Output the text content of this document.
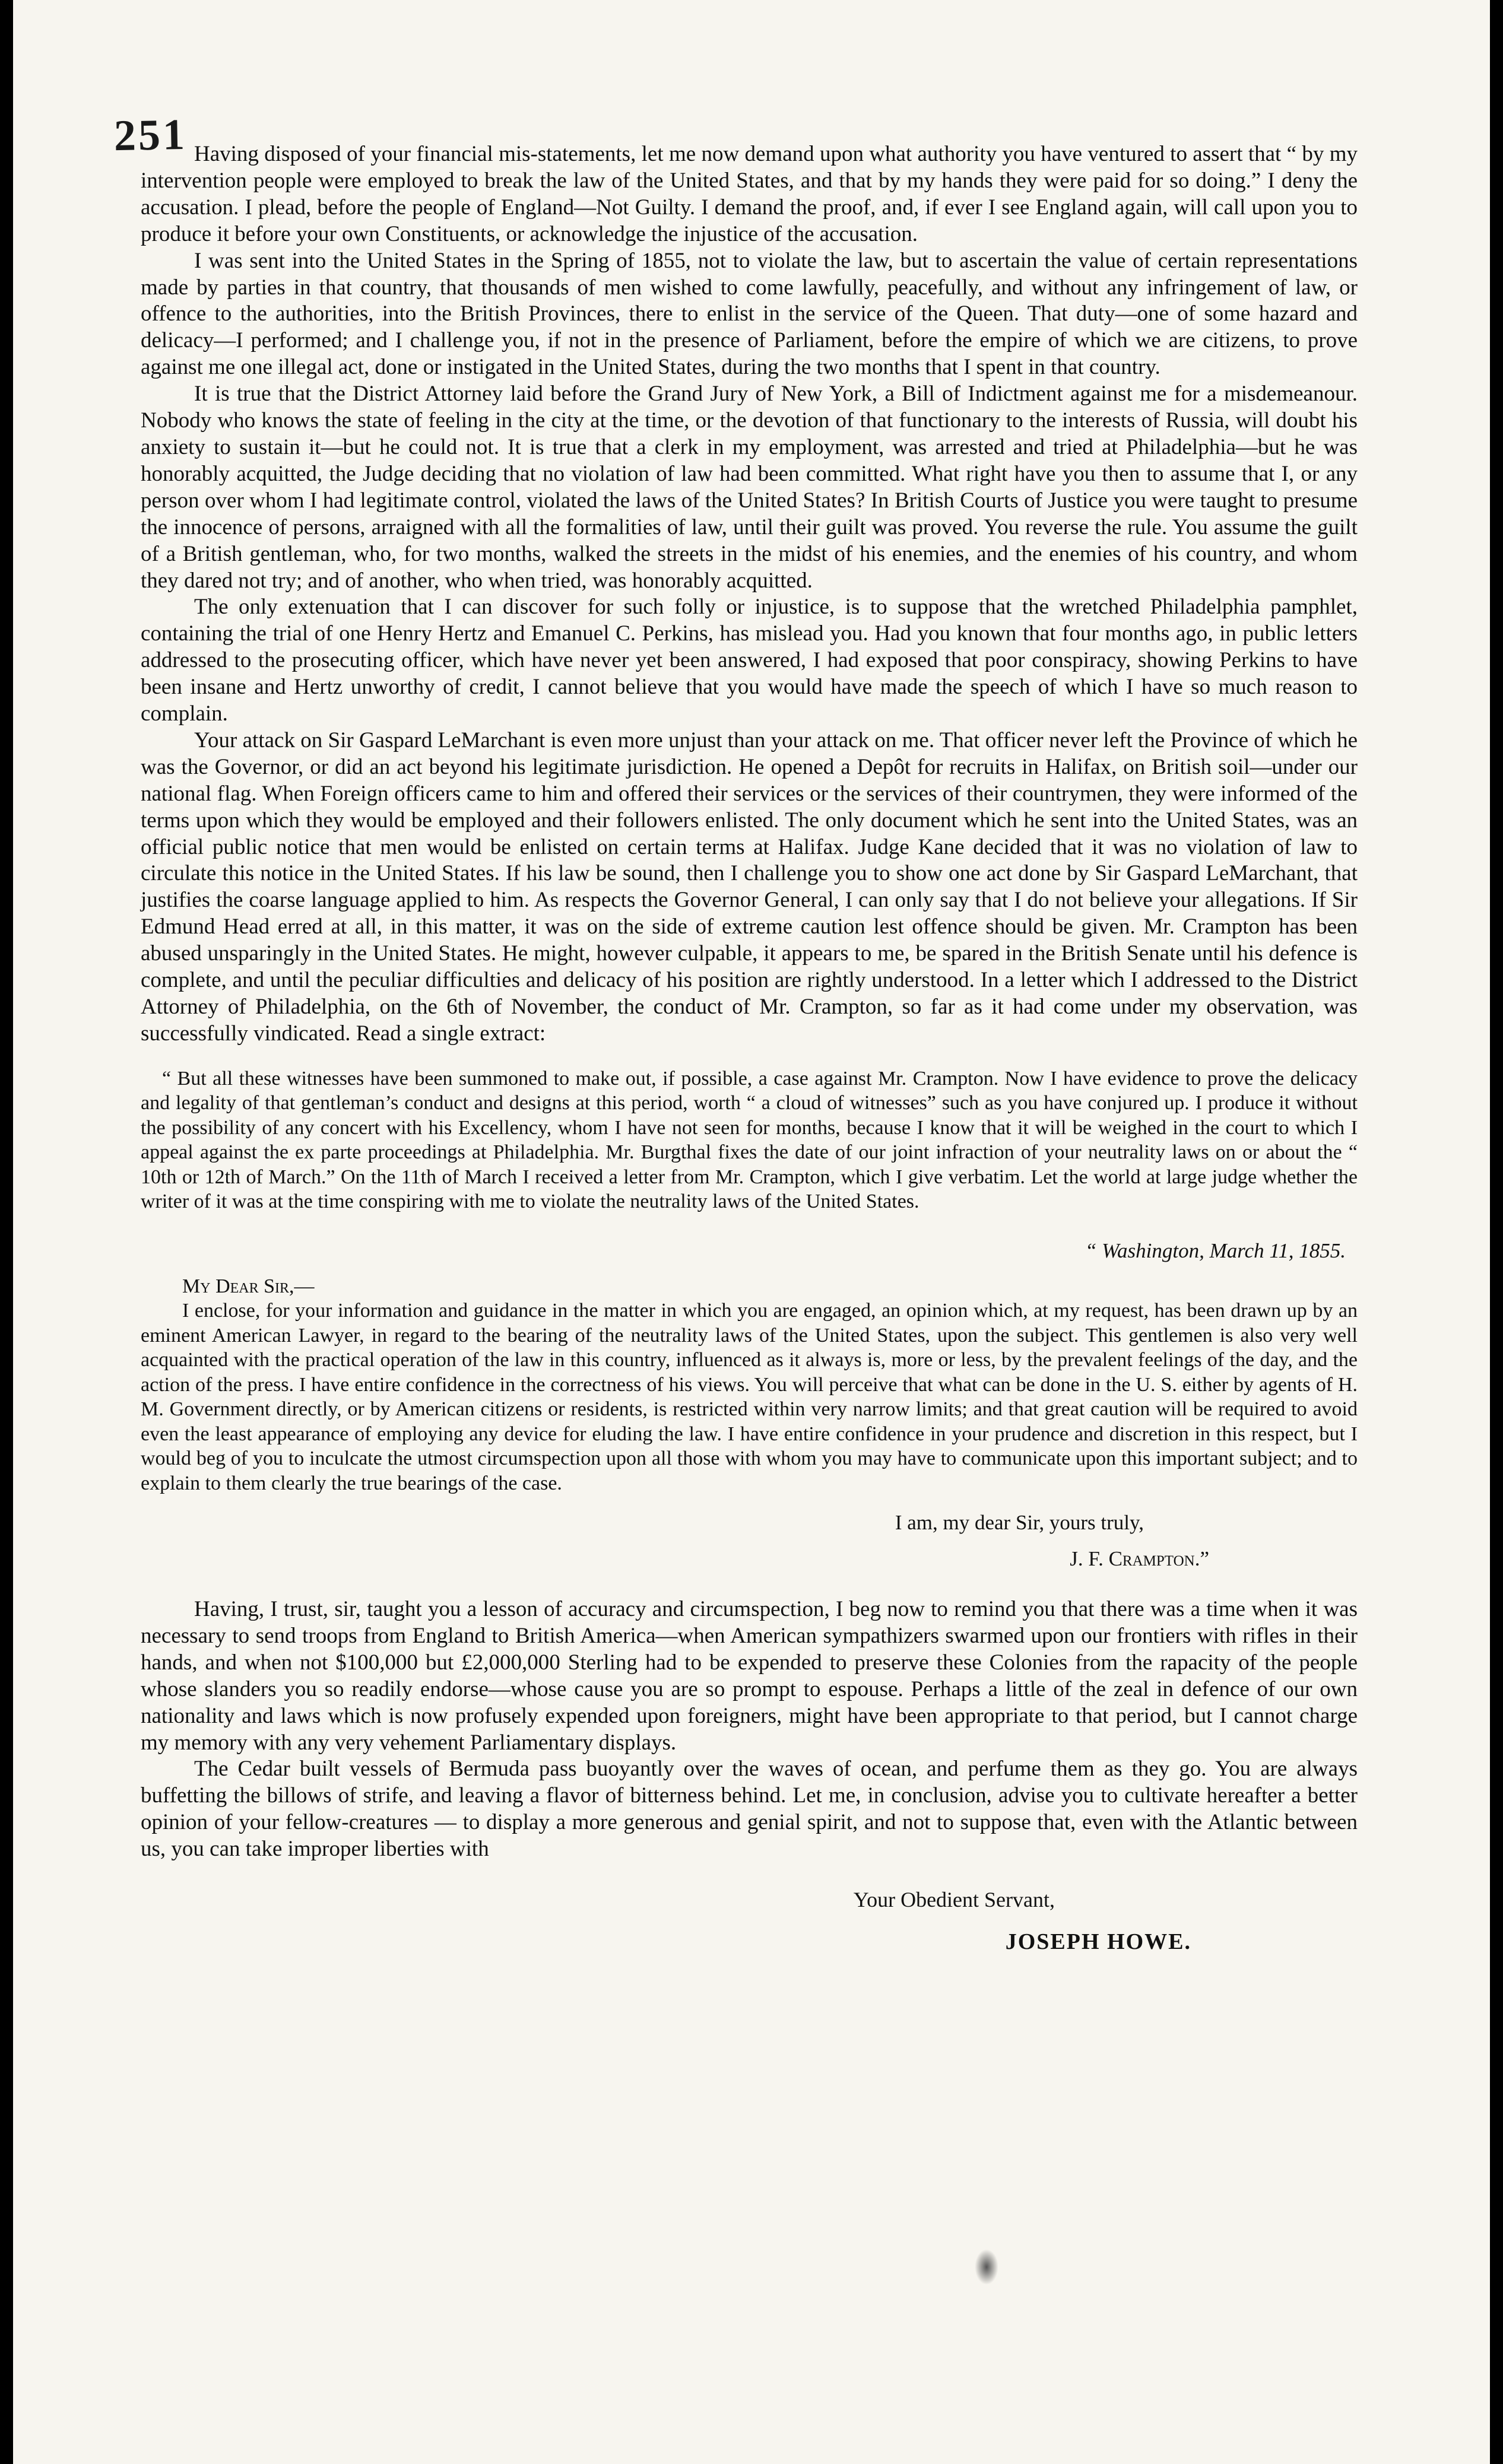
251 Having disposed of your financial mis-statements, let me now demand upon what authority you have ventured to assert that “ by my intervention people were employed to break the law of the United States, and that by my hands they were paid for so doing.” I deny the accusation. I plead, before the people of England—Not Guilty. I demand the proof, and, if ever I see England again, will call upon you to produce it before your own Constituents, or acknowledge the injustice of the accusation.

I was sent into the United States in the Spring of 1855, not to violate the law, but to ascertain the value of certain representations made by parties in that country, that thousands of men wished to come lawfully, peacefully, and without any infringement of law, or offence to the authorities, into the British Provinces, there to enlist in the service of the Queen. That duty—one of some hazard and delicacy—I performed; and I challenge you, if not in the presence of Parliament, before the empire of which we are citizens, to prove against me one illegal act, done or instigated in the United States, during the two months that I spent in that country.

It is true that the District Attorney laid before the Grand Jury of New York, a Bill of Indictment against me for a misdemeanour. Nobody who knows the state of feeling in the city at the time, or the devotion of that functionary to the interests of Russia, will doubt his anxiety to sustain it—but he could not. It is true that a clerk in my employment, was arrested and tried at Philadelphia—but he was honorably acquitted, the Judge deciding that no violation of law had been committed. What right have you then to assume that I, or any person over whom I had legitimate control, violated the laws of the United States? In British Courts of Justice you were taught to presume the innocence of persons, arraigned with all the formalities of law, until their guilt was proved. You reverse the rule. You assume the guilt of a British gentleman, who, for two months, walked the streets in the midst of his enemies, and the enemies of his country, and whom they dared not try; and of another, who when tried, was honorably acquitted.

The only extenuation that I can discover for such folly or injustice, is to suppose that the wretched Philadelphia pamphlet, containing the trial of one Henry Hertz and Emanuel C. Perkins, has mislead you. Had you known that four months ago, in public letters addressed to the prosecuting officer, which have never yet been answered, I had exposed that poor conspiracy, showing Perkins to have been insane and Hertz unworthy of credit, I cannot believe that you would have made the speech of which I have so much reason to complain.

Your attack on Sir Gaspard LeMarchant is even more unjust than your attack on me. That officer never left the Province of which he was the Governor, or did an act beyond his legitimate jurisdiction. He opened a Depôt for recruits in Halifax, on British soil—under our national flag. When Foreign officers came to him and offered their services or the services of their countrymen, they were informed of the terms upon which they would be employed and their followers enlisted. The only document which he sent into the United States, was an official public notice that men would be enlisted on certain terms at Halifax. Judge Kane decided that it was no violation of law to circulate this notice in the United States. If his law be sound, then I challenge you to show one act done by Sir Gaspard LeMarchant, that justifies the coarse language applied to him. As respects the Governor General, I can only say that I do not believe your allegations. If Sir Edmund Head erred at all, in this matter, it was on the side of extreme caution lest offence should be given. Mr. Crampton has been abused unsparingly in the United States. He might, however culpable, it appears to me, be spared in the British Senate until his defence is complete, and until the peculiar difficulties and delicacy of his position are rightly understood. In a letter which I addressed to the District Attorney of Philadelphia, on the 6th of November, the conduct of Mr. Crampton, so far as it had come under my observation, was successfully vindicated. Read a single extract:

“ But all these witnesses have been summoned to make out, if possible, a case against Mr. Crampton. Now I have evidence to prove the delicacy and legality of that gentleman’s conduct and designs at this period, worth “ a cloud of witnesses” such as you have conjured up. I produce it without the possibility of any concert with his Excellency, whom I have not seen for months, because I know that it will be weighed in the court to which I appeal against the ex parte proceedings at Philadelphia. Mr. Burgthal fixes the date of our joint infraction of your neutrality laws on or about the “ 10th or 12th of March.” On the 11th of March I received a letter from Mr. Crampton, which I give verbatim. Let the world at large judge whether the writer of it was at the time conspiring with me to violate the neutrality laws of the United States.

“ Washington, March 11, 1855.

My Dear Sir,—

I enclose, for your information and guidance in the matter in which you are engaged, an opinion which, at my request, has been drawn up by an eminent American Lawyer, in regard to the bearing of the neutrality laws of the United States, upon the subject. This gentlemen is also very well acquainted with the practical operation of the law in this country, influenced as it always is, more or less, by the prevalent feelings of the day, and the action of the press. I have entire confidence in the correctness of his views. You will perceive that what can be done in the U. S. either by agents of H. M. Government directly, or by American citizens or residents, is restricted within very narrow limits; and that great caution will be required to avoid even the least appearance of employing any device for eluding the law. I have entire confidence in your prudence and discretion in this respect, but I would beg of you to inculcate the utmost circumspection upon all those with whom you may have to communicate upon this important subject; and to explain to them clearly the true bearings of the case.

I am, my dear Sir, yours truly,
J. F. Crampton.”

Having, I trust, sir, taught you a lesson of accuracy and circumspection, I beg now to remind you that there was a time when it was necessary to send troops from England to British America—when American sympathizers swarmed upon our frontiers with rifles in their hands, and when not $100,000 but £2,000,000 Sterling had to be expended to preserve these Colonies from the rapacity of the people whose slanders you so readily endorse—whose cause you are so prompt to espouse. Perhaps a little of the zeal in defence of our own nationality and laws which is now profusely expended upon foreigners, might have been appropriate to that period, but I cannot charge my memory with any very vehement Parliamentary displays.

The Cedar built vessels of Bermuda pass buoyantly over the waves of ocean, and perfume them as they go. You are always buffetting the billows of strife, and leaving a flavor of bitterness behind. Let me, in conclusion, advise you to cultivate hereafter a better opinion of your fellow-creatures — to display a more generous and genial spirit, and not to suppose that, even with the Atlantic between us, you can take improper liberties with

Your Obedient Servant,
JOSEPH HOWE.
